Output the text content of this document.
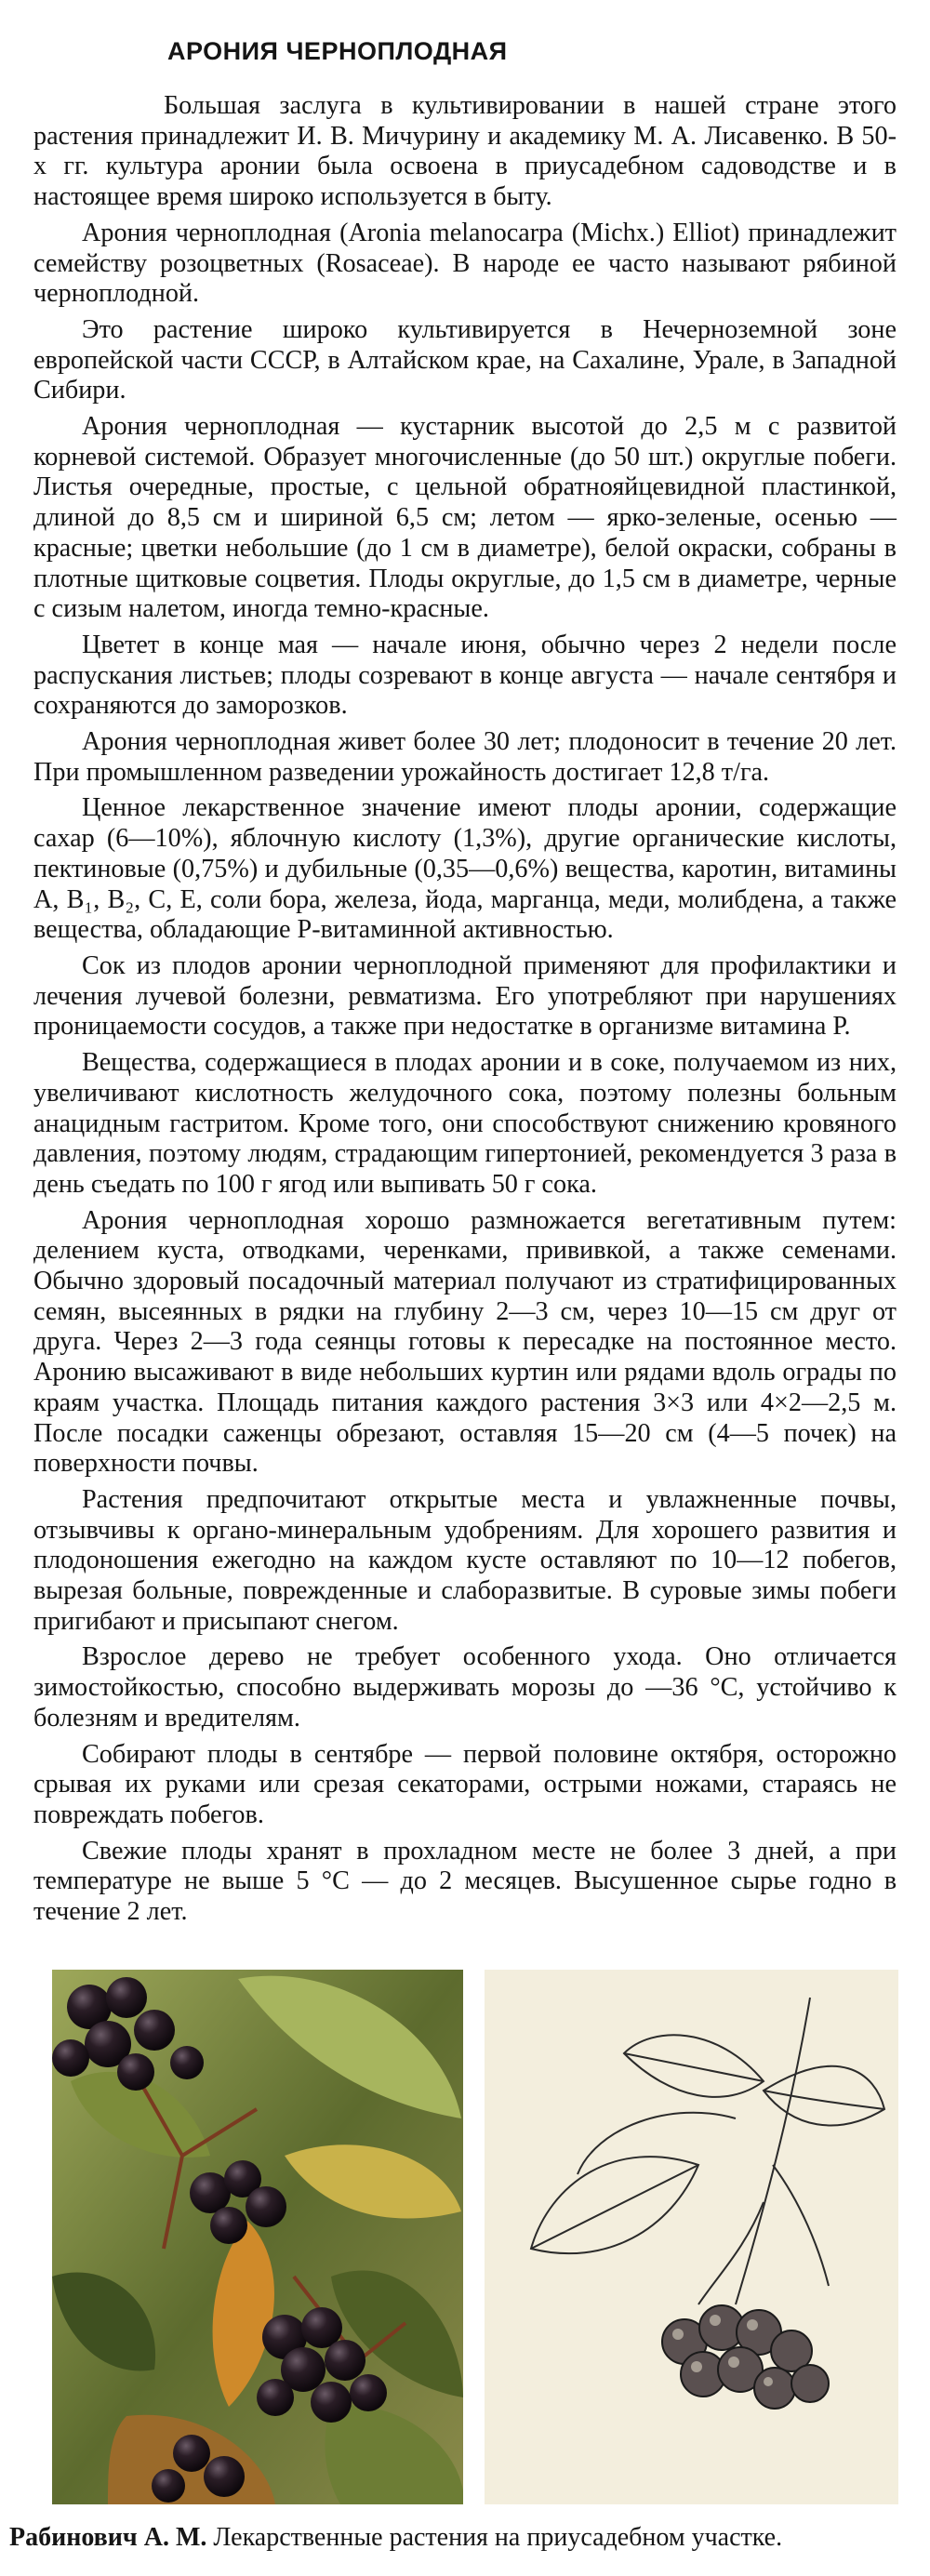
АРОНИЯ ЧЕРНОПЛОДНАЯ

Большая заслуга в культивировании в нашей стране этого растения принадлежит И. В. Мичурину и академику М. А. Лисавенко. В 50-х гг. культура аронии была освоена в приусадебном садоводстве и в настоящее время широко используется в быту.

Арония черноплодная (Aronia melanocarpa (Michx.) Elliot) принадлежит семейству розоцветных (Rosaceae). В народе ее часто называют рябиной черноплодной.

Это растение широко культивируется в Нечерноземной зоне европейской части СССР, в Алтайском крае, на Сахалине, Урале, в Западной Сибири.

Арония черноплодная — кустарник высотой до 2,5 м с развитой корневой системой. Образует многочисленные (до 50 шт.) округлые побеги. Листья очередные, простые, с цельной обратнояйцевидной пластинкой, длиной до 8,5 см и шириной 6,5 см; летом — ярко-зеленые, осенью — красные; цветки небольшие (до 1 см в диаметре), белой окраски, собраны в плотные щитковые соцветия. Плоды округлые, до 1,5 см в диаметре, черные с сизым налетом, иногда темно-красные.

Цветет в конце мая — начале июня, обычно через 2 недели после распускания листьев; плоды созревают в конце августа — начале сентября и сохраняются до заморозков.

Арония черноплодная живет более 30 лет; плодоносит в течение 20 лет. При промышленном разведении урожайность достигает 12,8 т/га.

Ценное лекарственное значение имеют плоды аронии, содержащие сахар (6—10%), яблочную кислоту (1,3%), другие органические кислоты, пектиновые (0,75%) и дубильные (0,35—0,6%) вещества, каротин, витамины А, B₁, B₂, С, Е, соли бора, железа, йода, марганца, меди, молибдена, а также вещества, обладающие Р-витаминной активностью.

Сок из плодов аронии черноплодной применяют для профилактики и лечения лучевой болезни, ревматизма. Его употребляют при нарушениях проницаемости сосудов, а также при недостатке в организме витамина Р.

Вещества, содержащиеся в плодах аронии и в соке, получаемом из них, увеличивают кислотность желудочного сока, поэтому полезны больным анацидным гастритом. Кроме того, они способствуют снижению кровяного давления, поэтому людям, страдающим гипертонией, рекомендуется 3 раза в день съедать по 100 г ягод или выпивать 50 г сока.

Арония черноплодная хорошо размножается вегетативным путем: делением куста, отводками, черенками, прививкой, а также семенами. Обычно здоровый посадочный материал получают из стратифицированных семян, высеянных в рядки на глубину 2—3 см, через 10—15 см друг от друга. Через 2—3 года сеянцы готовы к пересадке на постоянное место. Аронию высаживают в виде небольших куртин или рядами вдоль ограды по краям участка. Площадь питания каждого растения 3×3 или 4×2—2,5 м. После посадки саженцы обрезают, оставляя 15—20 см (4—5 почек) на поверхности почвы.

Растения предпочитают открытые места и увлажненные почвы, отзывчивы к органо-минеральным удобрениям. Для хорошего развития и плодоношения ежегодно на каждом кусте оставляют по 10—12 побегов, вырезая больные, поврежденные и слаборазвитые. В суровые зимы побеги пригибают и присыпают снегом.

Взрослое дерево не требует особенного ухода. Оно отличается зимостойкостью, способно выдерживать морозы до —36 °С, устойчиво к болезням и вредителям.

Собирают плоды в сентябре — первой половине октября, осторожно срывая их руками или срезая секаторами, острыми ножами, стараясь не повреждать побегов.

Свежие плоды хранят в прохладном месте не более 3 дней, а при температуре не выше 5 °С — до 2 месяцев. Высушенное сырье годно в течение 2 лет.

Рабинович А. М. Лекарственные растения на приусадебном участке.
